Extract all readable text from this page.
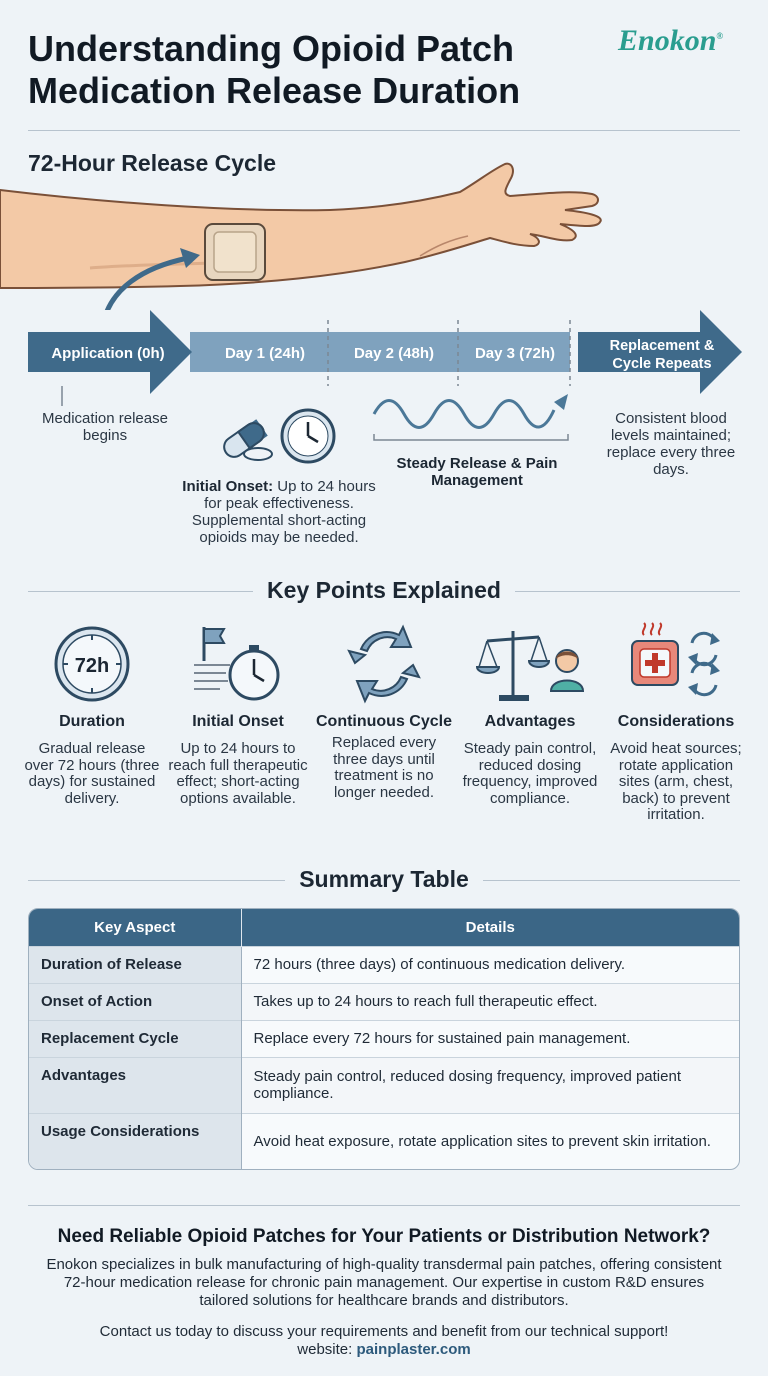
Understanding Opioid Patch Medication Release Duration
Enokon®
72-Hour Release Cycle
Application (0h)	Day 1 (24h)	Day 2 (48h)	Day 3 (72h)	Replacement &
Cycle Repeats
Medication release begins
Initial Onset: Up to 24 hours for peak effectiveness. Supplemental short-acting opioids may be needed.
Steady Release & Pain Management
Consistent blood levels maintained; replace every three days.
Key Points Explained
72h
Duration

Gradual release over 72 hours (three days) for sustained delivery.

Initial Onset

Up to 24 hours to reach full therapeutic effect; short-acting options available.

Continuous Cycle

Replaced every three days until treatment is no longer needed.

Advantages

Steady pain control, reduced dosing frequency, improved compliance.

Considerations

Avoid heat sources; rotate application sites (arm, chest, back) to prevent irritation.

Summary Table
Key Aspect	Details
Duration of Release	72 hours (three days) of continuous medication delivery.
Onset of Action	Takes up to 24 hours to reach full therapeutic effect.
Replacement Cycle	Replace every 72 hours for sustained pain management.
Advantages	Steady pain control, reduced dosing frequency, improved patient compliance.
Usage Considerations	Avoid heat exposure, rotate application sites to prevent skin irritation.
Need Reliable Opioid Patches for Your Patients or Distribution Network?
Enokon specializes in bulk manufacturing of high-quality transdermal pain patches, offering consistent 72-hour medication release for chronic pain management. Our expertise in custom R&D ensures tailored solutions for healthcare brands and distributors.
Contact us today to discuss your requirements and benefit from our technical support!
website: painplaster.com
